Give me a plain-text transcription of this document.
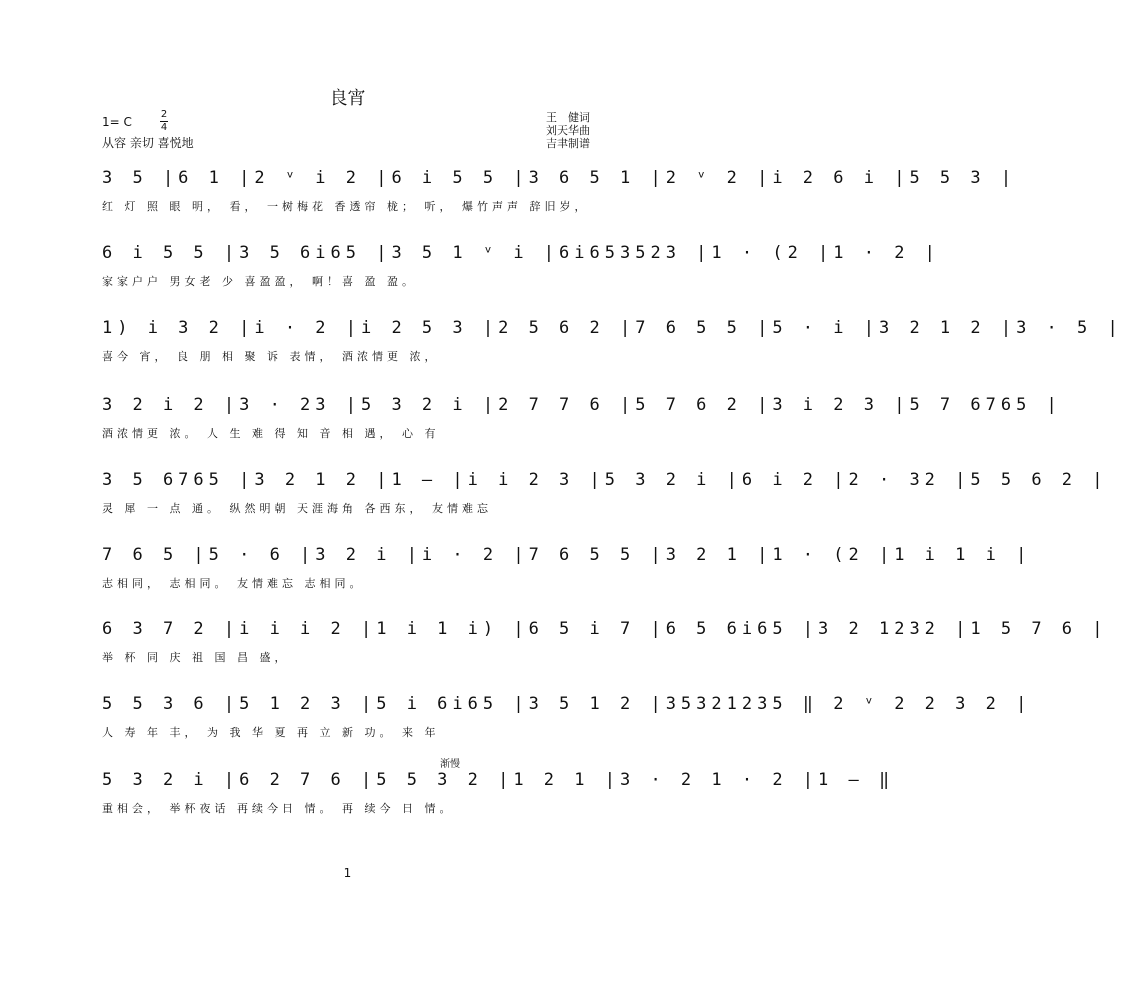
良宵
1= C
2
4
从容 亲切 喜悦地
王　健词
刘天华曲
吉聿制谱
3 5 |6 1 |2 ᵛ i 2 |6 i 5 5 |3 6 5 1 |2 ᵛ 2 |i 2 6 i |5 5 3 |
红 灯 照 眼 明， 看， 一树梅花 香透帘 栊； 听， 爆竹声声 辞旧岁，
6 i 5 5 |3 5 6i65 |3 5 1 ᵛ i |6i653523 |1 · (2 |1 · 2 |
家家户户 男女老 少 喜盈盈， 啊！喜 盈 盈。
1) i 3 2 |i · 2 |i 2 5 3 |2 5 6 2 |7 6 5 5 |5 · i |3 2 1 2 |3 · 5 |
喜今 宵， 良 朋 相 聚 诉 表情， 酒浓情更 浓，
3 2 i 2 |3 · 23 |5 3 2 i |2 7 7 6 |5 7 6 2 |3 i 2 3 |5 7 6765 |
酒浓情更 浓。 人 生 难 得 知 音 相 遇， 心 有
3 5 6765 |3 2 1 2 |1 — |i i 2 3 |5 3 2 i |6 i 2 |2 · 32 |5 5 6 2 |
灵 犀 一 点 通。 纵然明朝 天涯海角 各西东， 友情难忘
7 6 5 |5 · 6 |3 2 i |i · 2 |7 6 5 5 |3 2 1 |1 · (2 |1 i 1 i |
志相同， 志相同。 友情难忘 志相同。
6 3 7 2 |i i i 2 |1 i 1 i) |6 5 i 7 |6 5 6i65 |3 2 1232 |1 5 7 6 |
举 杯 同 庆 祖 国 昌 盛，
5 5 3 6 |5 1 2 3 |5 i 6i65 |3 5 1 2 |35321235 ‖ 2 ᵛ 2 2 3 2 |
人 寿 年 丰， 为 我 华 夏 再 立 新 功。 来 年
5 3 2 i |6 2 7 6 |5 5 3 2 |1 2 1 |3 · 2 1 · 2 |1 — ‖
重相会， 举杯夜话 再续今日 情。 再 续今 日 情。
渐慢
1
